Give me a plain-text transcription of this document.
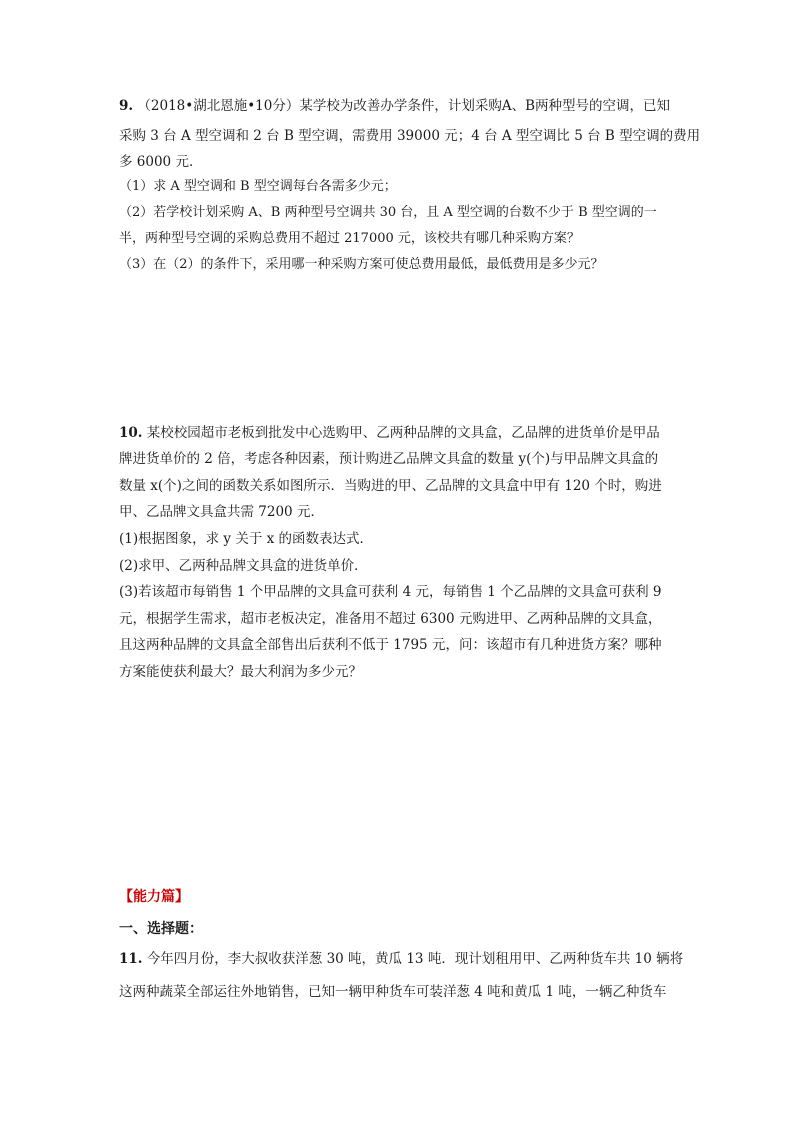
9. （2018•湖北恩施•10分）某学校为改善办学条件，计划采购A、B两种型号的空调，已知
采购 3 台 A 型空调和 2 台 B 型空调，需费用 39000 元；4 台 A 型空调比 5 台 B 型空调的费用
多 6000 元．
（1）求 A 型空调和 B 型空调每台各需多少元；
（2）若学校计划采购 A、B 两种型号空调共 30 台，且 A 型空调的台数不少于 B 型空调的一
半，两种型号空调的采购总费用不超过 217000 元，该校共有哪几种采购方案？
（3）在（2）的条件下，采用哪一种采购方案可使总费用最低，最低费用是多少元？
10. 某校校园超市老板到批发中心选购甲、乙两种品牌的文具盒，乙品牌的进货单价是甲品
牌进货单价的 2 倍，考虑各种因素，预计购进乙品牌文具盒的数量 y(个)与甲品牌文具盒的
数量 x(个)之间的函数关系如图所示．当购进的甲、乙品牌的文具盒中甲有 120 个时，购进
甲、乙品牌文具盒共需 7200 元．
(1)根据图象，求 y 关于 x 的函数表达式．
(2)求甲、乙两种品牌文具盒的进货单价．
(3)若该超市每销售 1 个甲品牌的文具盒可获利 4 元，每销售 1 个乙品牌的文具盒可获利 9
元，根据学生需求，超市老板决定，准备用不超过 6300 元购进甲、乙两种品牌的文具盒，
且这两种品牌的文具盒全部售出后获利不低于 1795 元，问：该超市有几种进货方案？哪种
方案能使获利最大？最大利润为多少元？
【能力篇】
一、选择题：
11. 今年四月份，李大叔收获洋葱 30 吨，黄瓜 13 吨．现计划租用甲、乙两种货车共 10 辆将
这两种蔬菜全部运往外地销售，已知一辆甲种货车可装洋葱 4 吨和黄瓜 1 吨，一辆乙种货车
